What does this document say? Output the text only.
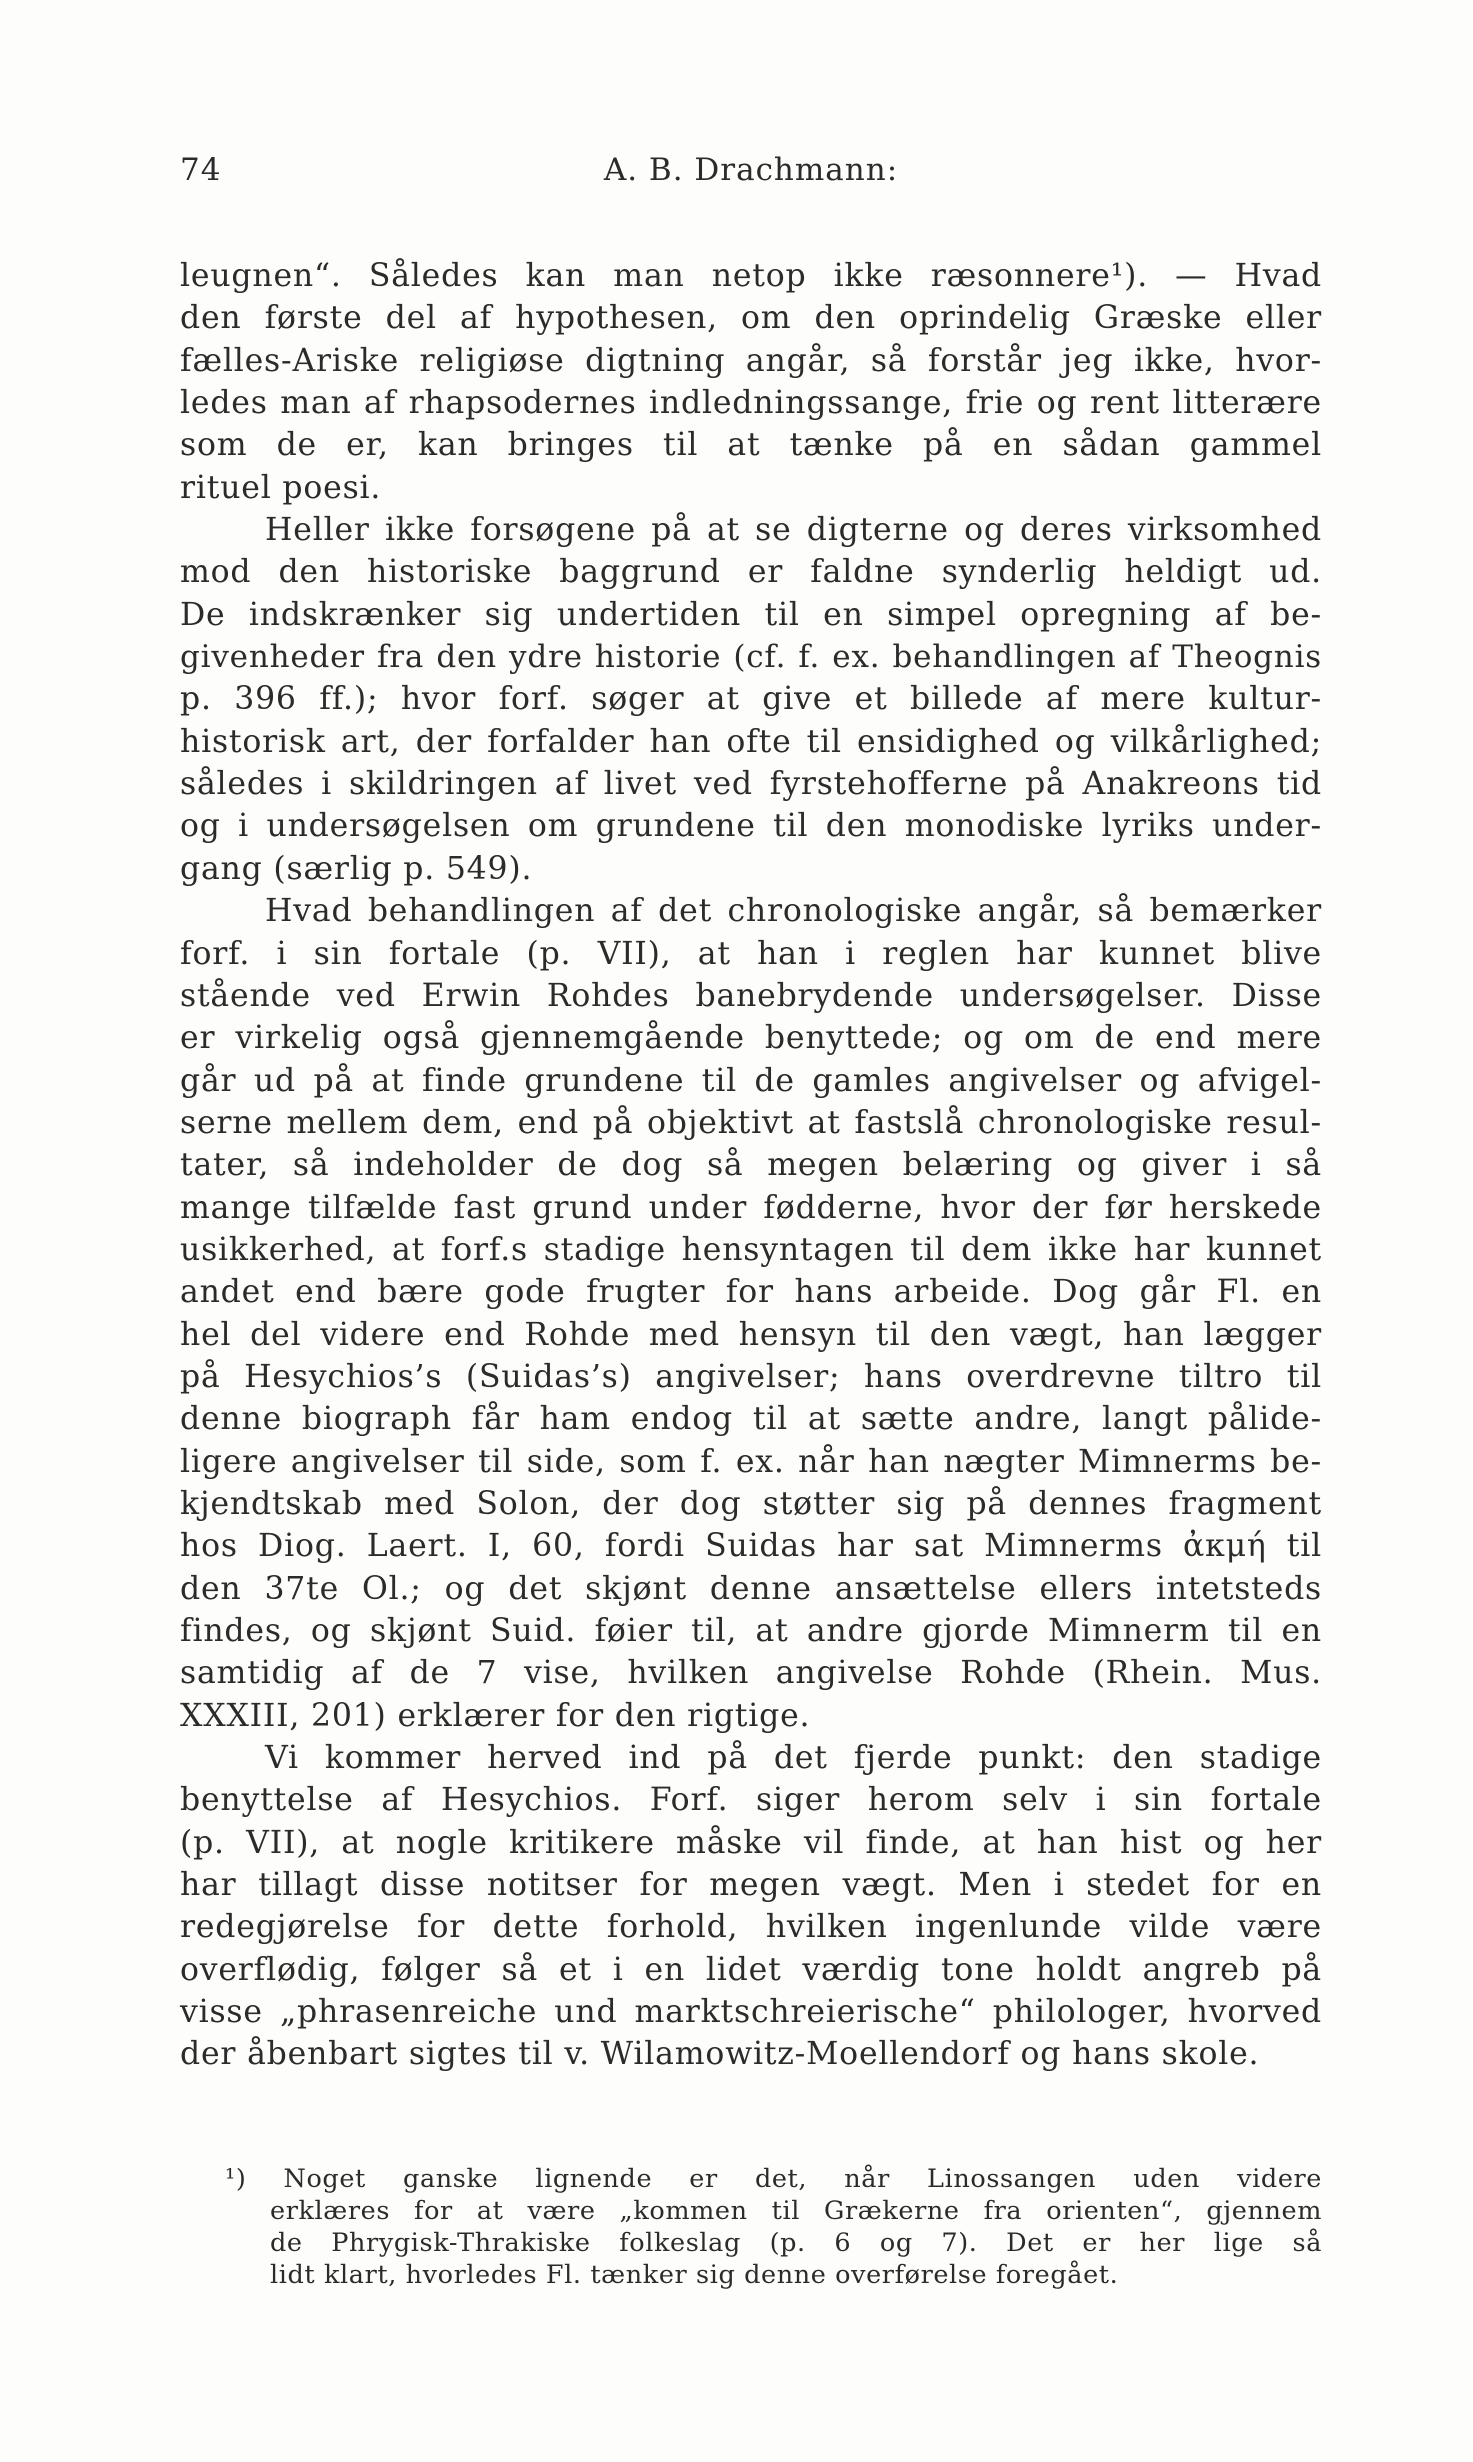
74	A. B. Drachmann:
leugnen“. Således kan man netop ikke ræsonnere¹). — Hvad
den første del af hypothesen, om den oprindelig Græske eller
fælles-Ariske religiøse digtning angår, så forstår jeg ikke, hvor-
ledes man af rhapsodernes indledningssange, frie og rent litterære
som de er, kan bringes til at tænke på en sådan gammel
rituel poesi.
Heller ikke forsøgene på at se digterne og deres virksomhed
mod den historiske baggrund er faldne synderlig heldigt ud.
De indskrænker sig undertiden til en simpel opregning af be-
givenheder fra den ydre historie (cf. f. ex. behandlingen af Theognis
p. 396 ff.); hvor forf. søger at give et billede af mere kultur-
historisk art, der forfalder han ofte til ensidighed og vilkårlighed;
således i skildringen af livet ved fyrstehofferne på Anakreons tid
og i undersøgelsen om grundene til den monodiske lyriks under-
gang (særlig p. 549).
Hvad behandlingen af det chronologiske angår, så bemærker
forf. i sin fortale (p. VII), at han i reglen har kunnet blive
stående ved Erwin Rohdes banebrydende undersøgelser. Disse
er virkelig også gjennemgående benyttede; og om de end mere
går ud på at finde grundene til de gamles angivelser og afvigel-
serne mellem dem, end på objektivt at fastslå chronologiske resul-
tater, så indeholder de dog så megen belæring og giver i så
mange tilfælde fast grund under fødderne, hvor der før herskede
usikkerhed, at forf.s stadige hensyntagen til dem ikke har kunnet
andet end bære gode frugter for hans arbeide. Dog går Fl. en
hel del videre end Rohde med hensyn til den vægt, han lægger
på Hesychios’s (Suidas’s) angivelser; hans overdrevne tiltro til
denne biograph får ham endog til at sætte andre, langt pålide-
ligere angivelser til side, som f. ex. når han nægter Mimnerms be-
kjendtskab med Solon, der dog støtter sig på dennes fragment
hos Diog. Laert. I, 60, fordi Suidas har sat Mimnerms ἀκμή til
den 37te Ol.; og det skjønt denne ansættelse ellers intetsteds
findes, og skjønt Suid. føier til, at andre gjorde Mimnerm til en
samtidig af de 7 vise, hvilken angivelse Rohde (Rhein. Mus.
XXXIII, 201) erklærer for den rigtige.
Vi kommer herved ind på det fjerde punkt: den stadige
benyttelse af Hesychios. Forf. siger herom selv i sin fortale
(p. VII), at nogle kritikere måske vil finde, at han hist og her
har tillagt disse notitser for megen vægt. Men i stedet for en
redegjørelse for dette forhold, hvilken ingenlunde vilde være
overflødig, følger så et i en lidet værdig tone holdt angreb på
visse „phrasenreiche und marktschreierische“ philologer, hvorved
der åbenbart sigtes til v. Wilamowitz-Moellendorf og hans skole.
¹) Noget ganske lignende er det, når Linossangen uden videre
erklæres for at være „kommen til Grækerne fra orienten“, gjennem
de Phrygisk-Thrakiske folkeslag (p. 6 og 7). Det er her lige så
lidt klart, hvorledes Fl. tænker sig denne overførelse foregået.
